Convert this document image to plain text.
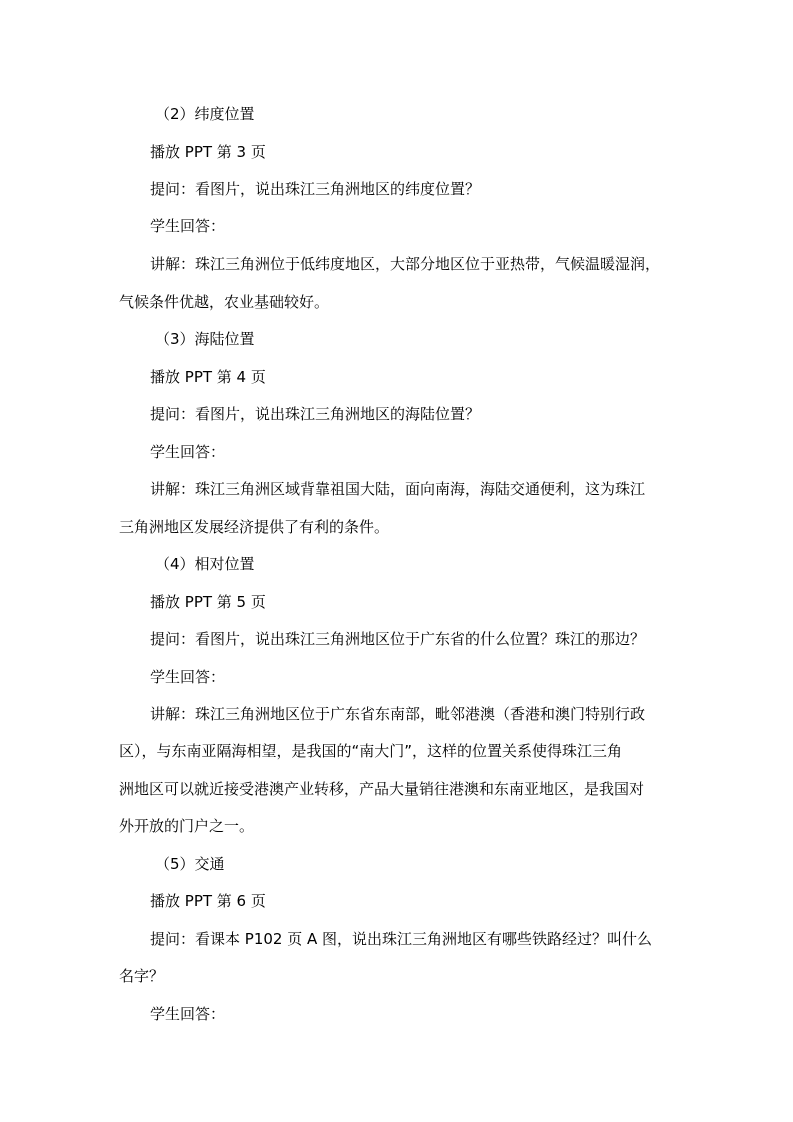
（2）纬度位置
播放 PPT 第 3 页
提问：看图片，说出珠江三角洲地区的纬度位置？
学生回答：
讲解：珠江三角洲位于低纬度地区，大部分地区位于亚热带，气候温暖湿润，
气候条件优越，农业基础较好。
（3）海陆位置
播放 PPT 第 4 页
提问：看图片，说出珠江三角洲地区的海陆位置？
学生回答：
讲解：珠江三角洲区域背靠祖国大陆，面向南海，海陆交通便利，这为珠江
三角洲地区发展经济提供了有利的条件。
（4）相对位置
播放 PPT 第 5 页
提问：看图片，说出珠江三角洲地区位于广东省的什么位置？珠江的那边？
学生回答：
讲解：珠江三角洲地区位于广东省东南部，毗邻港澳（香港和澳门特别行政
区），与东南亚隔海相望，是我国的“南大门”，这样的位置关系使得珠江三角
洲地区可以就近接受港澳产业转移，产品大量销往港澳和东南亚地区，是我国对
外开放的门户之一。
（5）交通
播放 PPT 第 6 页
提问：看课本 P102 页 A 图，说出珠江三角洲地区有哪些铁路经过？叫什么
名字？
学生回答：
